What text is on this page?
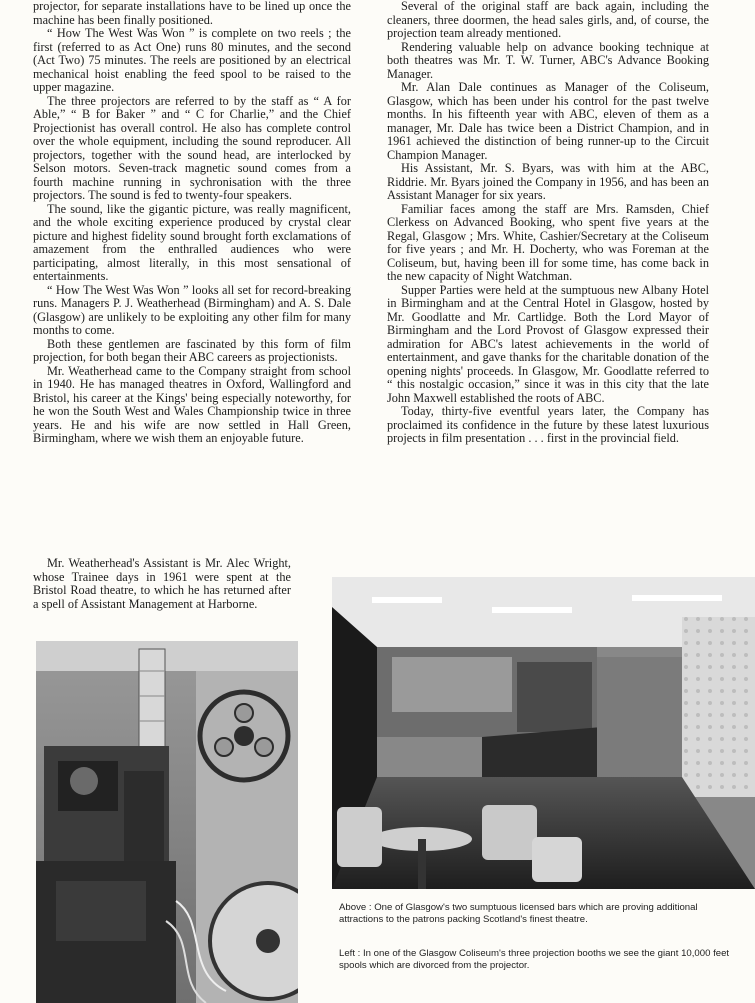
projector, for separate installations have to be lined up once the machine has been finally positioned.

“ How The West Was Won ” is complete on two reels ; the first (referred to as Act One) runs 80 minutes, and the second (Act Two) 75 minutes. The reels are positioned by an electrical mechanical hoist enabling the feed spool to be raised to the upper magazine.

The three projectors are referred to by the staff as “ A for Able,” “ B for Baker ” and “ C for Charlie,” and the Chief Projectionist has overall control. He also has complete control over the whole equipment, including the sound reproducer. All projectors, together with the sound head, are interlocked by Selson motors. Seven-track magnetic sound comes from a fourth machine running in sychronisation with the three projectors. The sound is fed to twenty-four speakers.

The sound, like the gigantic picture, was really magnificent, and the whole exciting experience produced by crystal clear picture and highest fidelity sound brought forth exclamations of amazement from the enthralled audiences who were participating, almost literally, in this most sensational of entertainments.

“ How The West Was Won ” looks all set for record-breaking runs. Managers P. J. Weatherhead (Birmingham) and A. S. Dale (Glasgow) are unlikely to be exploiting any other film for many months to come.

Both these gentlemen are fascinated by this form of film projection, for both began their ABC careers as projectionists.

Mr. Weatherhead came to the Company straight from school in 1940. He has managed theatres in Oxford, Wallingford and Bristol, his career at the Kings' being especially noteworthy, for he won the South West and Wales Championship twice in three years. He and his wife are now settled in Hall Green, Birmingham, where we wish them an enjoyable future.

Mr. Weatherhead's Assistant is Mr. Alec Wright, whose Trainee days in 1961 were spent at the Bristol Road theatre, to which he has returned after a spell of Assistant Management at Harborne.

Several of the original staff are back again, including the cleaners, three doormen, the head sales girls, and, of course, the projection team already mentioned.

Rendering valuable help on advance booking technique at both theatres was Mr. T. W. Turner, ABC's Advance Booking Manager.

Mr. Alan Dale continues as Manager of the Coliseum, Glasgow, which has been under his control for the past twelve months. In his fifteenth year with ABC, eleven of them as a manager, Mr. Dale has twice been a District Champion, and in 1961 achieved the distinction of being runner-up to the Circuit Champion Manager.

His Assistant, Mr. S. Byars, was with him at the ABC, Riddrie. Mr. Byars joined the Company in 1956, and has been an Assistant Manager for six years.

Familiar faces among the staff are Mrs. Ramsden, Chief Clerkess on Advanced Booking, who spent five years at the Regal, Glasgow ; Mrs. White, Cashier/Secretary at the Coliseum for five years ; and Mr. H. Docherty, who was Foreman at the Coliseum, but, having been ill for some time, has come back in the new capacity of Night Watchman.

Supper Parties were held at the sumptuous new Albany Hotel in Birmingham and at the Central Hotel in Glasgow, hosted by Mr. Goodlatte and Mr. Cartlidge. Both the Lord Mayor of Birmingham and the Lord Provost of Glasgow expressed their admiration for ABC's latest achievements in the world of entertainment, and gave thanks for the charitable donation of the opening nights' proceeds. In Glasgow, Mr. Goodlatte referred to “ this nostalgic occasion,” since it was in this city that the late John Maxwell established the roots of ABC.

Today, thirty-five eventful years later, the Company has proclaimed its confidence in the future by these latest luxurious projects in film presentation . . . first in the provincial field.

Above : One of Glasgow's two sumptuous licensed bars which are proving additional attractions to the patrons packing Scotland's finest theatre.
Left : In one of the Glasgow Coliseum's three projection booths we see the giant 10,000 feet spools which are divorced from the projector.
